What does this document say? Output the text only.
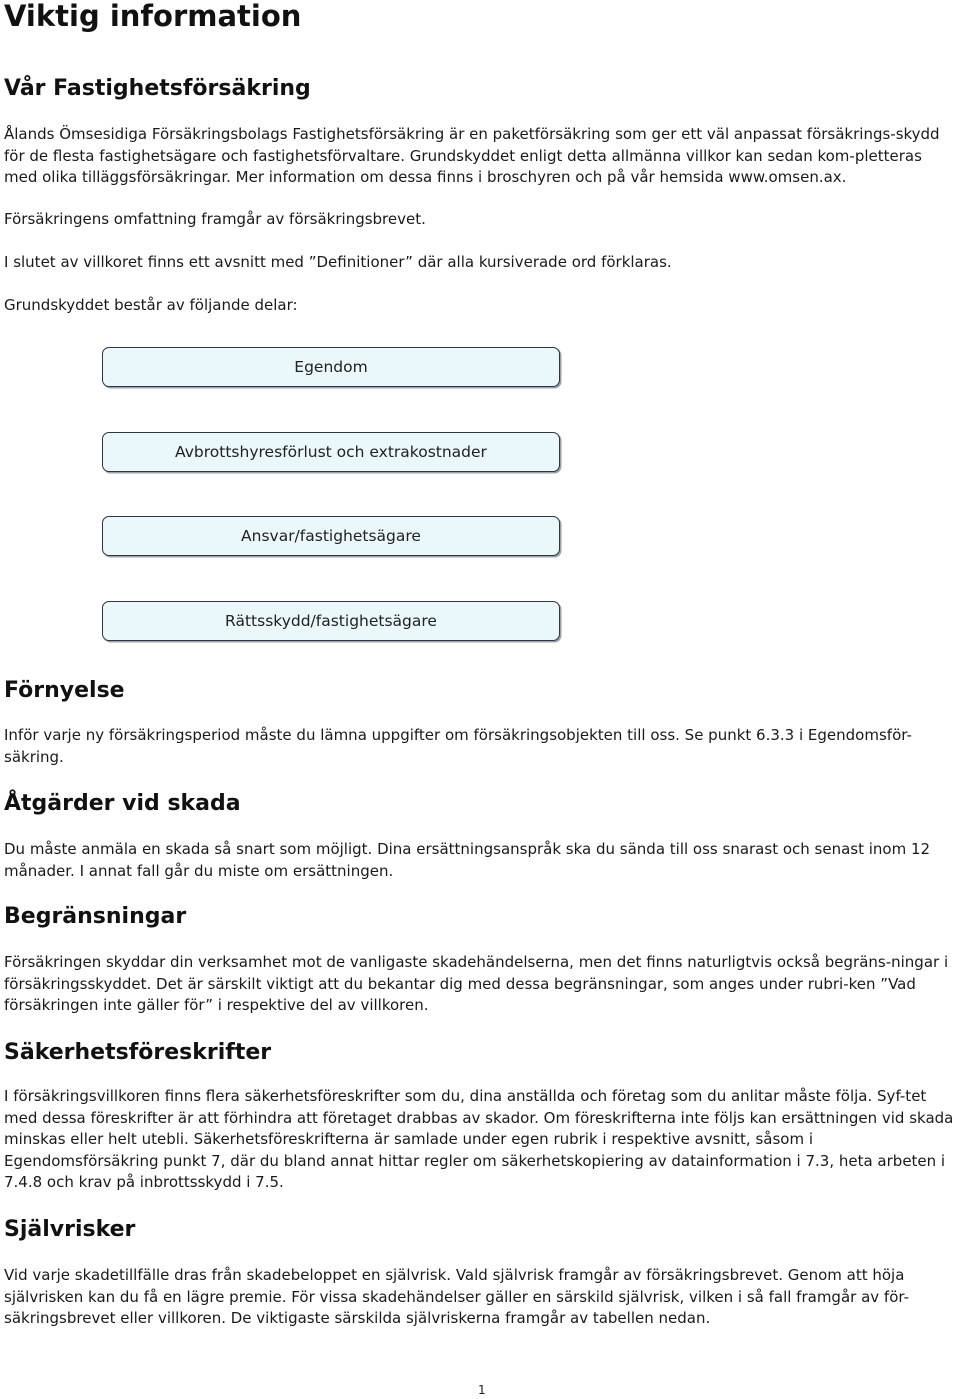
Viktig information
Vår Fastighetsförsäkring

Ålands Ömsesidiga Försäkringsbolags Fastighetsförsäkring är en paketförsäkring som ger ett väl anpassat försäkrings-skydd för de flesta fastighetsägare och fastighetsförvaltare. Grundskyddet enligt detta allmänna villkor kan sedan kom-pletteras med olika tilläggsförsäkringar. Mer information om dessa finns i broschyren och på vår hemsida www.omsen.ax.

Försäkringens omfattning framgår av försäkringsbrevet.

I slutet av villkoret finns ett avsnitt med ”Definitioner” där alla kursiverade ord förklaras.

Grundskyddet består av följande delar:

Egendom
Avbrottshyresförlust och extrakostnader
Ansvar/fastighetsägare
Rättsskydd/fastighetsägare
Förnyelse

Inför varje ny försäkringsperiod måste du lämna uppgifter om försäkringsobjekten till oss. Se punkt 6.3.3 i Egendomsför-säkring.

Åtgärder vid skada

Du måste anmäla en skada så snart som möjligt. Dina ersättningsanspråk ska du sända till oss snarast och senast inom 12 månader. I annat fall går du miste om ersättningen.

Begränsningar

Försäkringen skyddar din verksamhet mot de vanligaste skadehändelserna, men det finns naturligtvis också begräns-ningar i försäkringsskyddet. Det är särskilt viktigt att du bekantar dig med dessa begränsningar, som anges under rubri-ken ”Vad försäkringen inte gäller för” i respektive del av villkoren.

Säkerhetsföreskrifter

I försäkringsvillkoren finns flera säkerhetsföreskrifter som du, dina anställda och företag som du anlitar måste följa. Syf-tet med dessa föreskrifter är att förhindra att företaget drabbas av skador. Om föreskrifterna inte följs kan ersättningen vid skada minskas eller helt utebli. Säkerhetsföreskrifterna är samlade under egen rubrik i respektive avsnitt, såsom i Egendomsförsäkring punkt 7, där du bland annat hittar regler om säkerhetskopiering av datainformation i 7.3, heta arbeten i 7.4.8 och krav på inbrottsskydd i 7.5.

Självrisker

Vid varje skadetillfälle dras från skadebeloppet en självrisk. Vald självrisk framgår av försäkringsbrevet. Genom att höja självrisken kan du få en lägre premie. För vissa skadehändelser gäller en särskild självrisk, vilken i så fall framgår av för-säkringsbrevet eller villkoren. De viktigaste särskilda självriskerna framgår av tabellen nedan.

1
